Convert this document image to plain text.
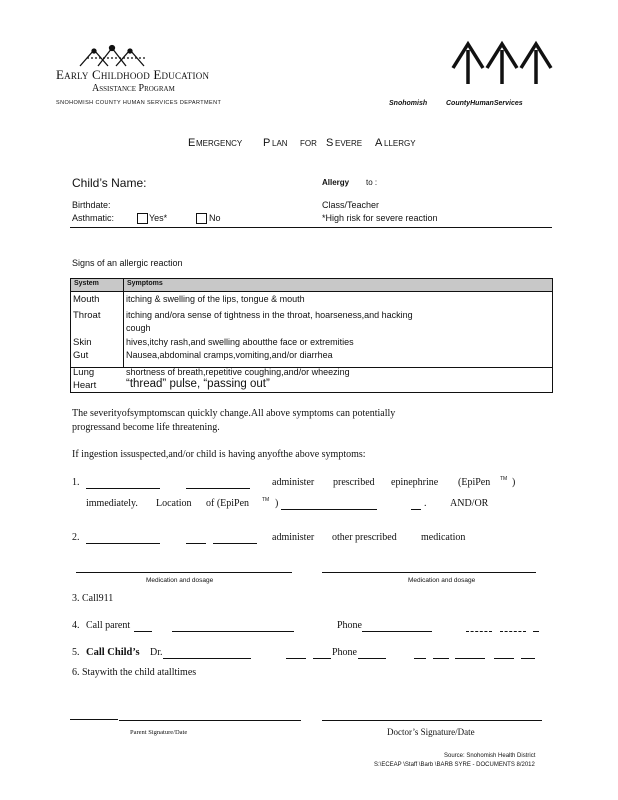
Early Childhood Education
Assistance Program
SNOHOMISH COUNTY HUMAN SERVICES DEPARTMENT	Snohomish	CountyHumanServices
E MERGENCY P LAN FOR S EVERE A LLERGY
Child’s Name:	Allergy to :
Birthdate:	Class/Teacher
Asthmatic:	Yes*	No	*High risk for severe reaction
Signs of an allergic reaction
System	Symptoms
Mouth	itching & swelling of the lips, tongue & mouth
Throat	itching and/ora sense of tightness in the throat, hoarseness,and hacking
cough
Skin	hives,itchy rash,and swelling aboutthe face or extremities
Gut	Nausea,abdominal cramps,vomiting,and/or diarrhea
Lung	shortness of breath,repetitive coughing,and/or wheezing
Heart	“thread” pulse, “passing out”
The severityofsymptomscan quickly change.All above symptoms can potentially
progressand become life threatening.
If ingestion issuspected,and/or child is having anyofthe above symptoms:
1.	administer prescribed epinephrine (EpiPen TM )
immediately. Location of (EpiPen	TM )	. AND/OR
2.	administer other prescribed medication
Medication and dosage	Medication and dosage
3. Call911
4. Call parent	Phone
5. Call Child’s Dr.	Phone
6. Staywith the child atalltimes
Parent Signature/Date	Doctor’s Signature/Date
Source: Snohomish Health District
S:\ECEAP \Staff \Barb \BARB SYRE - DOCUMENTS 8/2012
